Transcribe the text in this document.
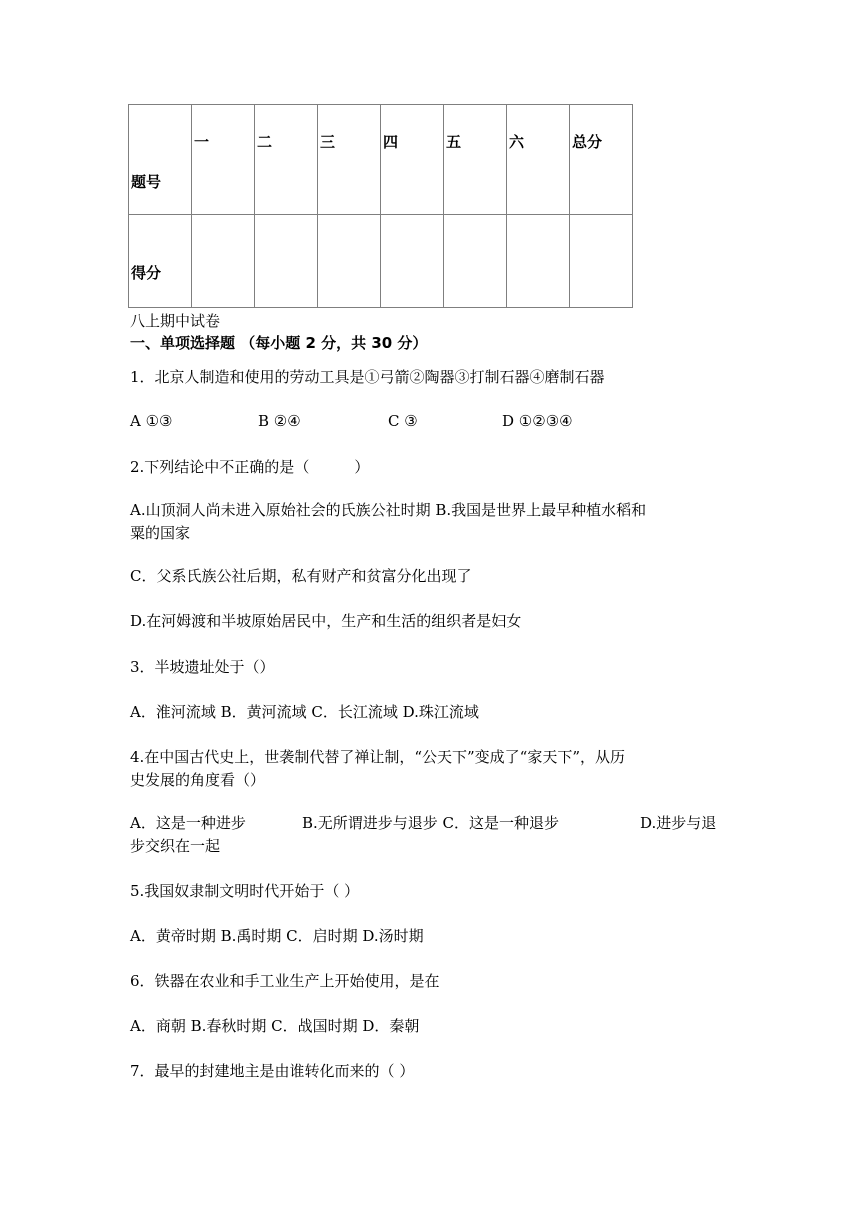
题号	一	二	三	四	五	六	总分
得分							

八上期中试卷

一、单项选择题 （每小题 2 分，共 30 分）

1．北京人制造和使用的劳动工具是①弓箭②陶器③打制石器④磨制石器

A ①③	B ②④	C ③	D ①②③④

2.下列结论中不正确的是（　　　）

A.山顶洞人尚未进入原始社会的氏族公社时期 B.我国是世界上最早种植水稻和

粟的国家

C．父系氏族公社后期，私有财产和贫富分化出现了

D.在河姆渡和半坡原始居民中，生产和生活的组织者是妇女

3．半坡遗址处于（）

A．淮河流域 B．黄河流域 C．长江流域 D.珠江流域

4.在中国古代史上，世袭制代替了禅让制，“公天下”变成了“家天下”，从历

史发展的角度看（）

A．这是一种进步	B.无所谓进步与退步 C．这是一种退步	D.进步与退

步交织在一起

5.我国奴隶制文明时代开始于（ ）

A．黄帝时期 B.禹时期 C．启时期 D.汤时期

6．铁器在农业和手工业生产上开始使用，是在

A．商朝 B.春秋时期 C．战国时期 D．秦朝

7．最早的封建地主是由谁转化而来的（ ）
